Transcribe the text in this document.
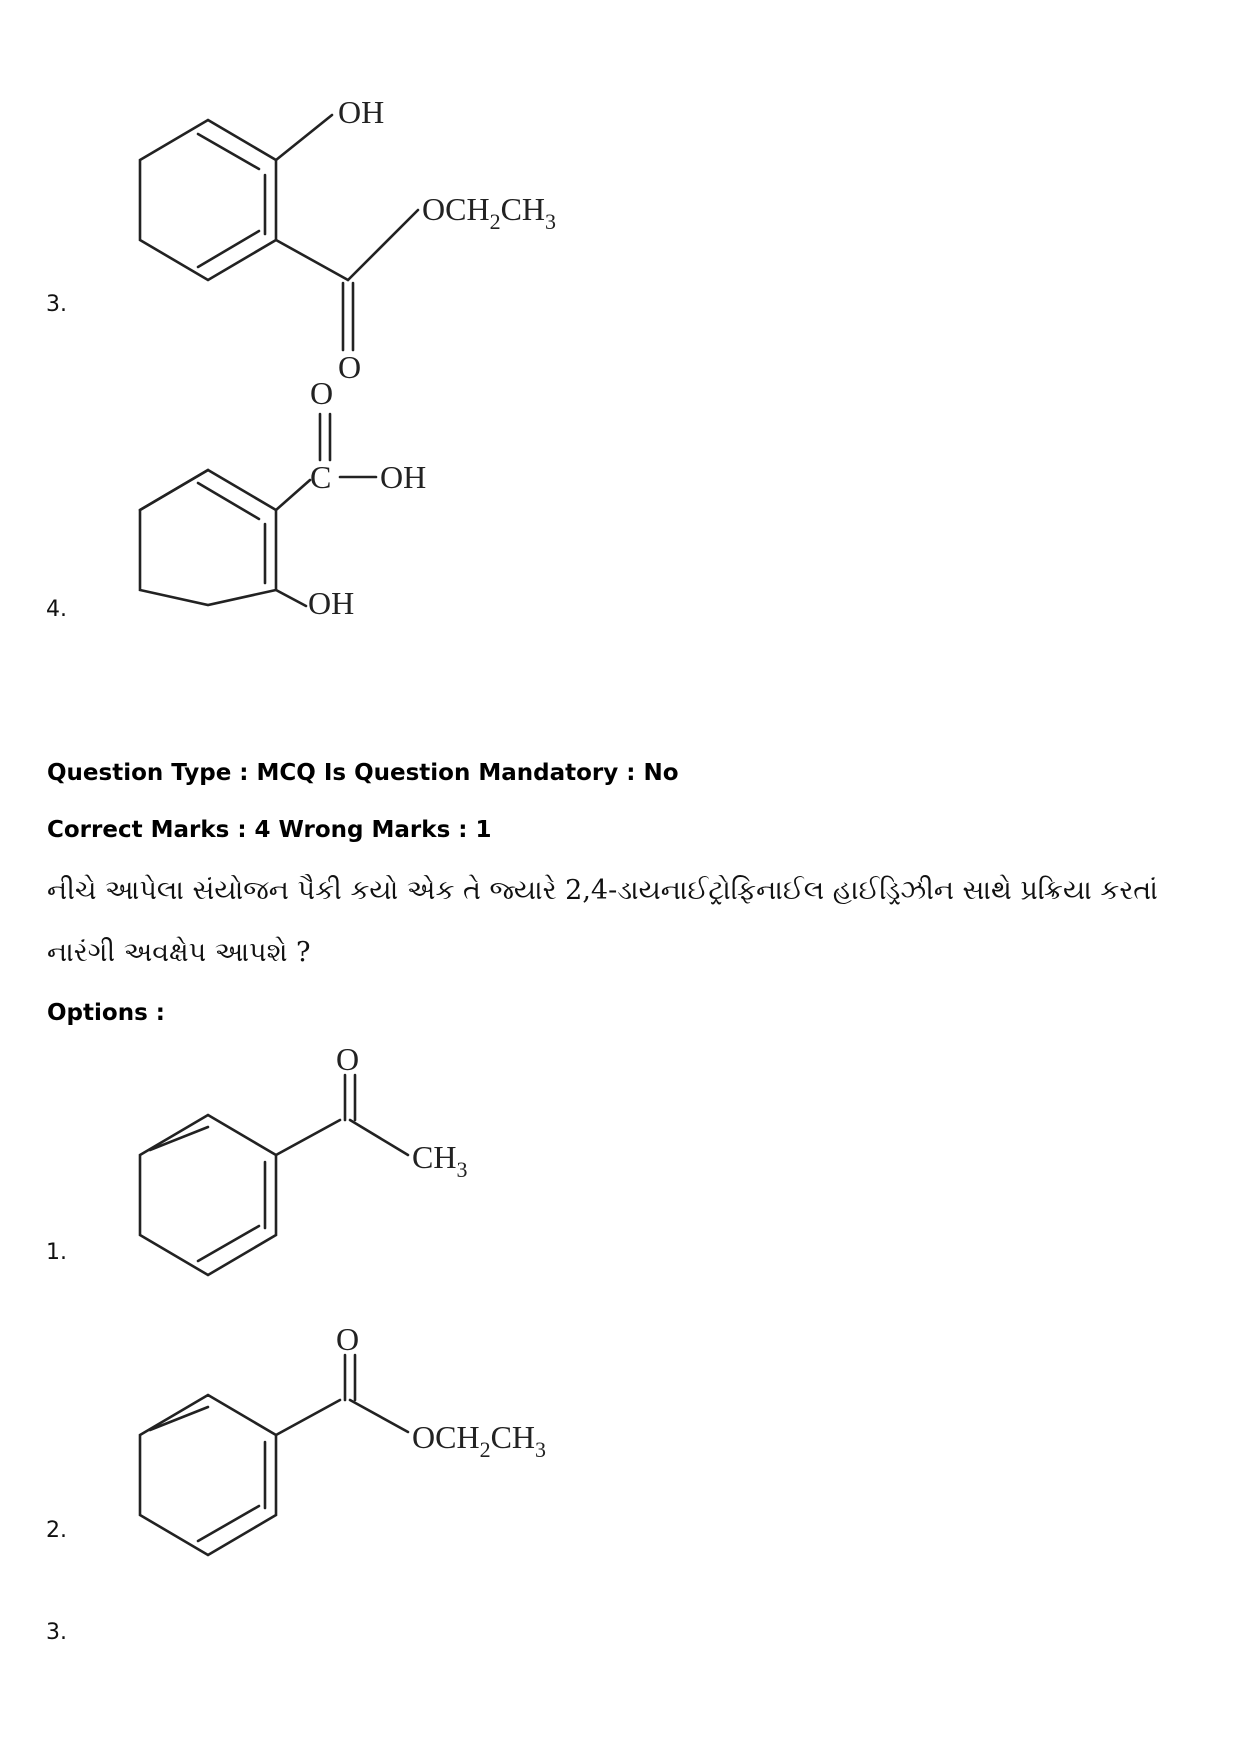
3.
OH
O
$OCH_2CH_3$
4.
O
C OH
OH
Question Type : MCQ Is Question Mandatory : No
Correct Marks : 4 Wrong Marks : 1
નીચે આપેલા સંયોજન પૈકી કયો એક તે જ્યારે 2,4-ડાયનાઈટ્રોફિનાઈલ હાઈડ્રિઝીન સાથે પ્રક્રિયા કરતાં નારંગી અવક્ષેપ આપશે ?
Options :
1.
O
$CH_3$
2.
O
$OCH_2CH_3$
3.
